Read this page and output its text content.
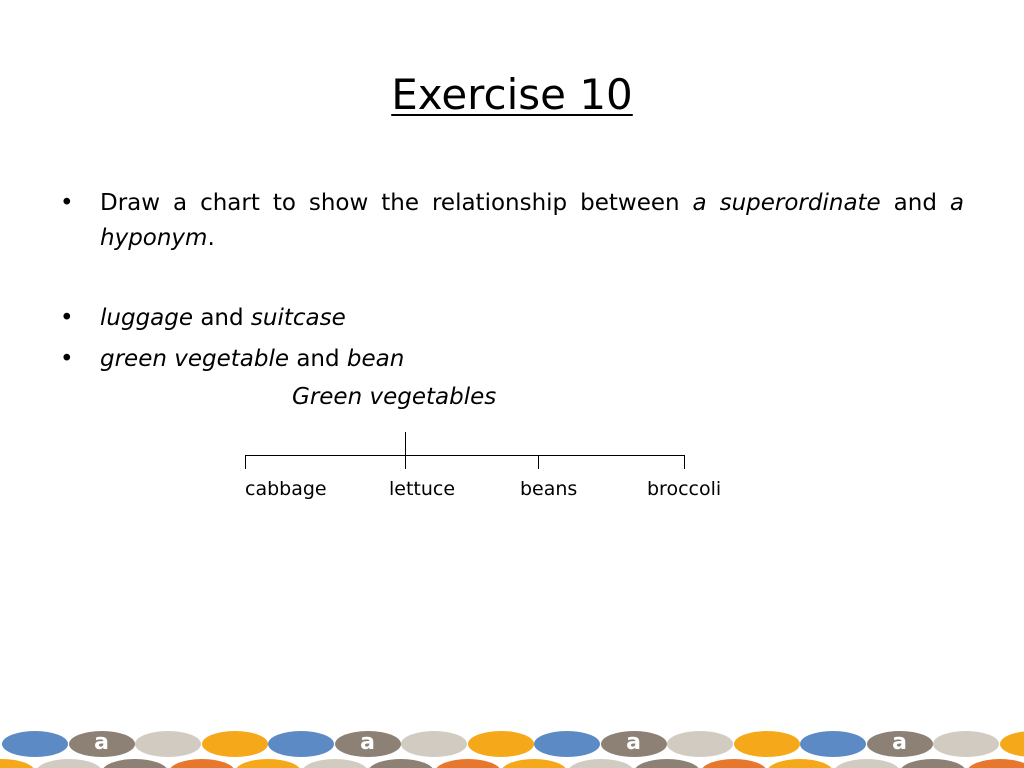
Exercise 10
• Draw a chart to show the relationship between a superordinate and a hyponym.
• luggage and suitcase
• green vegetable and bean
Green vegetables
cabbage	lettuce	beans	broccoli
a	a	a	a
